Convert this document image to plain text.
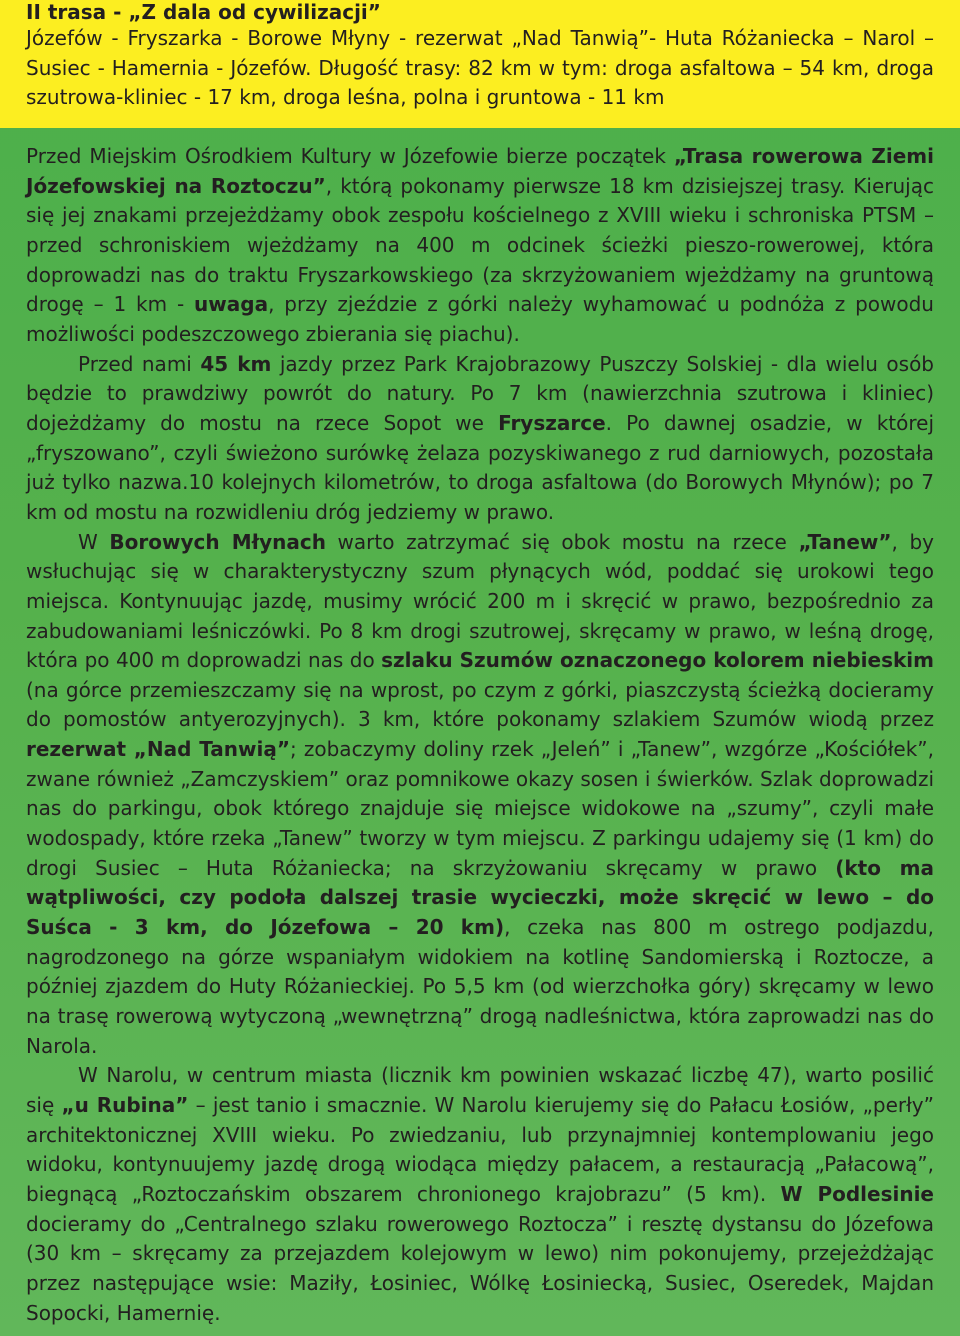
II trasa - „Z dala od cywilizacji”

Józefów - Fryszarka - Borowe Młyny - rezerwat „Nad Tanwią”- Huta Różaniecka – Narol – Susiec - Hamernia - Józefów. Długość trasy: 82 km w tym: droga asfaltowa – 54 km, droga szutrowa-kliniec - 17 km, droga leśna, polna i gruntowa - 11 km

Przed Miejskim Ośrodkiem Kultury w Józefowie bierze początek „Trasa rowerowa Ziemi Józefowskiej na Roztoczu”, którą pokonamy pierwsze 18 km dzisiejszej trasy. Kierując się jej znakami przejeżdżamy obok zespołu kościelnego z XVIII wieku i schroniska PTSM – przed schroniskiem wjeżdżamy na 400 m odcinek ścieżki pieszo-rowerowej, która doprowadzi nas do traktu Fryszarkowskiego (za skrzyżowaniem wjeżdżamy na gruntową drogę – 1 km - uwaga, przy zjeździe z górki należy wyhamować u podnóża z powodu możliwości podeszczowego zbierania się piachu).

Przed nami 45 km jazdy przez Park Krajobrazowy Puszczy Solskiej - dla wielu osób będzie to prawdziwy powrót do natury. Po 7 km (nawierzchnia szutrowa i kliniec) dojeżdżamy do mostu na rzece Sopot we Fryszarce. Po dawnej osadzie, w której „fryszowano”, czyli świeżono surówkę żelaza pozyskiwanego z rud darniowych, pozostała już tylko nazwa.10 kolejnych kilometrów, to droga asfaltowa (do Borowych Młynów); po 7 km od mostu na rozwidleniu dróg jedziemy w prawo.

W Borowych Młynach warto zatrzymać się obok mostu na rzece „Tanew”, by wsłuchując się w charakterystyczny szum płynących wód, poddać się urokowi tego miejsca. Kontynuując jazdę, musimy wrócić 200 m i skręcić w prawo, bezpośrednio za zabudowaniami leśniczówki. Po 8 km drogi szutrowej, skręcamy w prawo, w leśną drogę, która po 400 m doprowadzi nas do szlaku Szumów oznaczonego kolorem niebieskim (na górce przemieszczamy się na wprost, po czym z górki, piaszczystą ścieżką docieramy do pomostów antyerozyjnych). 3 km, które pokonamy szlakiem Szumów wiodą przez rezerwat „Nad Tanwią”; zobaczymy doliny rzek „Jeleń” i „Tanew”, wzgórze „Kościółek”, zwane również „Zamczyskiem” oraz pomnikowe okazy sosen i świerków. Szlak doprowadzi nas do parkingu, obok którego znajduje się miejsce widokowe na „szumy”, czyli małe wodospady, które rzeka „Tanew” tworzy w tym miejscu. Z parkingu udajemy się (1 km) do drogi Susiec – Huta Różaniecka; na skrzyżowaniu skręcamy w prawo (kto ma wątpliwości, czy podoła dalszej trasie wycieczki, może skręcić w lewo – do Suśca - 3 km, do Józefowa – 20 km), czeka nas 800 m ostrego podjazdu, nagrodzonego na górze wspaniałym widokiem na kotlinę Sandomierską i Roztocze, a później zjazdem do Huty Różanieckiej. Po 5,5 km (od wierzchołka góry) skręcamy w lewo na trasę rowerową wytyczoną „wewnętrzną” drogą nadleśnictwa, która zaprowadzi nas do Narola.

W Narolu, w centrum miasta (licznik km powinien wskazać liczbę 47), warto posilić się „u Rubina” – jest tanio i smacznie. W Narolu kierujemy się do Pałacu Łosiów, „perły” architektonicznej XVIII wieku. Po zwiedzaniu, lub przynajmniej kontemplowaniu jego widoku, kontynuujemy jazdę drogą wiodąca między pałacem, a restauracją „Pałacową”, biegnącą „Roztoczańskim obszarem chronionego krajobrazu” (5 km). W Podlesinie docieramy do „Centralnego szlaku rowerowego Roztocza” i resztę dystansu do Józefowa (30 km – skręcamy za przejazdem kolejowym w lewo) nim pokonujemy, przejeżdżając przez następujące wsie: Maziły, Łosiniec, Wólkę Łosiniecką, Susiec, Oseredek, Majdan Sopocki, Hamernię.
